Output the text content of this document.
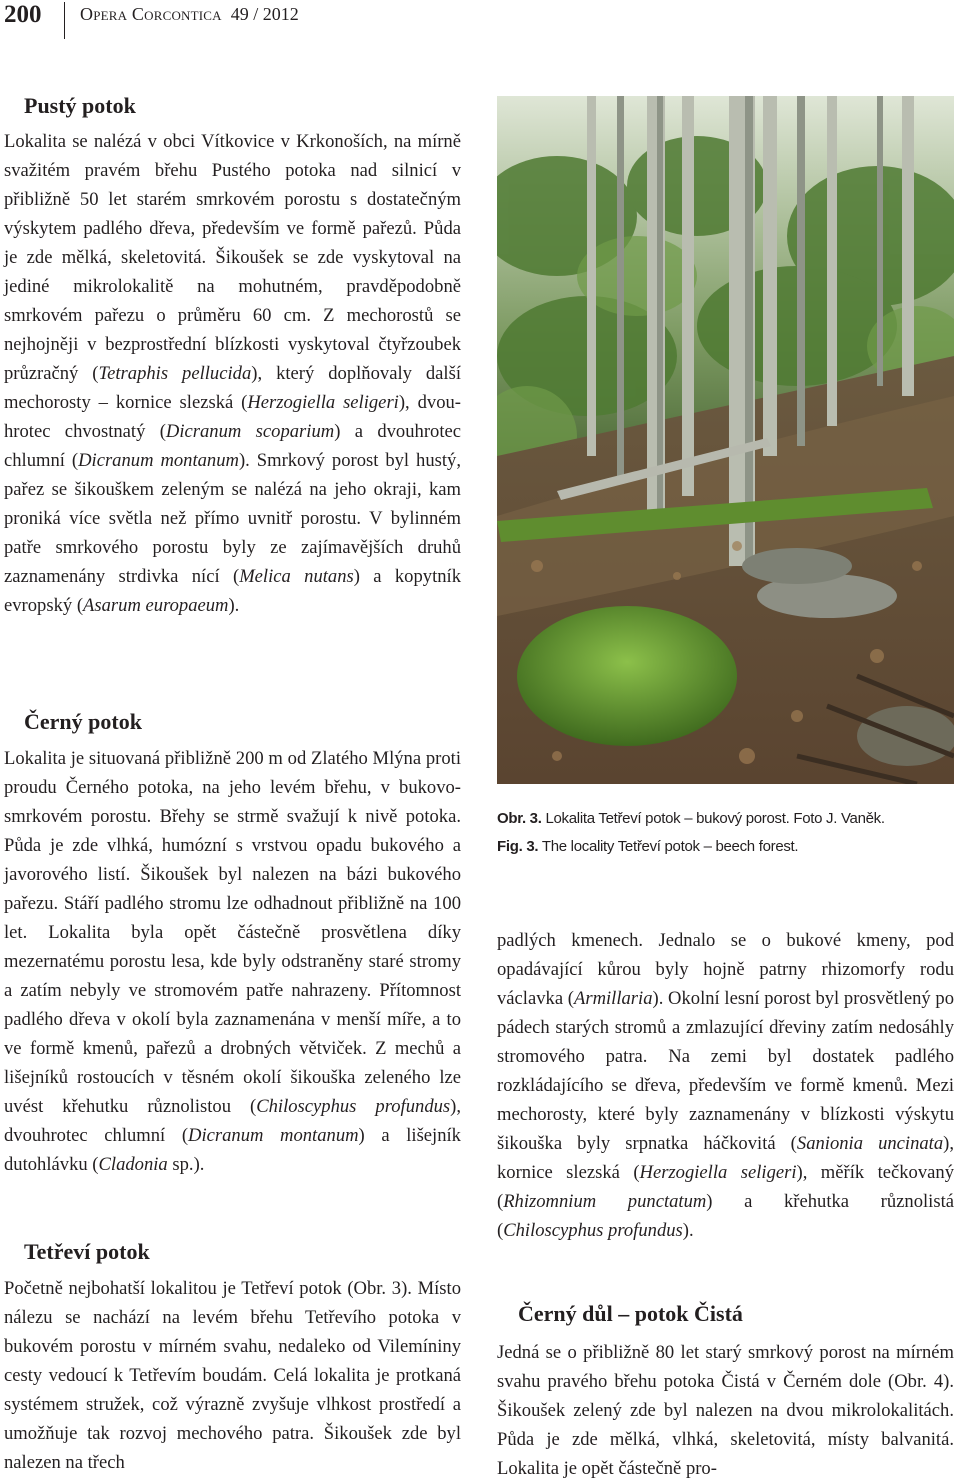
200 Opera Corcontica 49 / 2012
Pustý potok

Lokalita se nalézá v obci Vítkovice v Krkonoších, na mírně svažitém pravém břehu Pustého potoka nad silnicí v přibližně 50 let starém smrkovém porostu s dostatečným výskytem padlého dřeva, především ve formě pařezů. Půda je zde mělká, skeletovitá. Šikoušek se zde vyskytoval na jediné mikrolokalitě na mohutném, pravděpodobně smrkovém pařezu o průměru 60 cm. Z mechorostů se nejhojněji v bezprostřední blízkosti vyskytoval čtyřzoubek průzračný (Tetraphis pellucida), který doplňovaly další mechorosty – kornice slezská (Herzogiella seligeri), dvouhrotec chvostnatý (Dicranum scoparium) a dvouhrotec chlumní (Dicranum montanum). Smrkový porost byl hustý, pařez se šikouškem zeleným se nalézá na jeho okraji, kam proniká více světla než přímo uvnitř porostu. V bylinném patře smrkového porostu byly ze zajímavějších druhů zaznamenány strdivka nící (Melica nutans) a kopytník evropský (Asarum europaeum).

Černý potok

Lokalita je situovaná přibližně 200 m od Zlatého Mlýna proti proudu Černého potoka, na jeho levém břehu, v bukovo-smrkovém porostu. Břehy se strmě svažují k nivě potoka. Půda je zde vlhká, humózní s vrstvou opadu bukového a javorového listí. Šikoušek byl nalezen na bázi bukového pařezu. Stáří padlého stromu lze odhadnout přibližně na 100 let. Lokalita byla opět částečně prosvětlena díky mezernatému porostu lesa, kde byly odstraněny staré stromy a zatím nebyly ve stromovém patře nahrazeny. Přítomnost padlého dřeva v okolí byla zaznamenána v menší míře, a to ve formě kmenů, pařezů a drobných větviček. Z mechů a lišejníků rostoucích v těsném okolí šikouška zeleného lze uvést křehutku různolistou (Chiloscyphus profundus), dvouhrotec chlumní (Dicranum montanum) a lišejník dutohlávku (Cladonia sp.).

Tetřeví potok

Početně nejbohatší lokalitou je Tetřeví potok (Obr. 3). Místo nálezu se nachází na levém břehu Tetřevího potoka v bukovém porostu v mírném svahu, nedaleko od Vilemíniny cesty vedoucí k Tetřevím boudám. Celá lokalita je protkaná systémem stružek, což výrazně zvyšuje vlhkost prostředí a umožňuje tak rozvoj mechového patra. Šikoušek zde byl nalezen na třech

Obr. 3. Lokalita Tetřeví potok – bukový porost. Foto J. Vaněk.
Fig. 3. The locality Tetřeví potok – beech forest.

padlých kmenech. Jednalo se o bukové kmeny, pod opadávající kůrou byly hojně patrny rhizomorfy rodu václavka (Armillaria). Okolní lesní porost byl prosvětlený po pádech starých stromů a zmlazující dřeviny zatím nedosáhly stromového patra. Na zemi byl dostatek padlého rozkládajícího se dřeva, především ve formě kmenů. Mezi mechorosty, které byly zaznamenány v blízkosti výskytu šikouška byly srpnatka háčkovitá (Sanionia uncinata), kornice slezská (Herzogiella seligeri), měřík tečkovaný (Rhizomnium punctatum) a křehutka různolistá (Chiloscyphus profundus).

Černý důl – potok Čistá

Jedná se o přibližně 80 let starý smrkový porost na mírném svahu pravého břehu potoka Čistá v Černém dole (Obr. 4). Šikoušek zelený zde byl nalezen na dvou mikrolokalitách. Půda je zde mělká, vlhká, skeletovitá, místy balvanitá. Lokalita je opět částečně pro-
